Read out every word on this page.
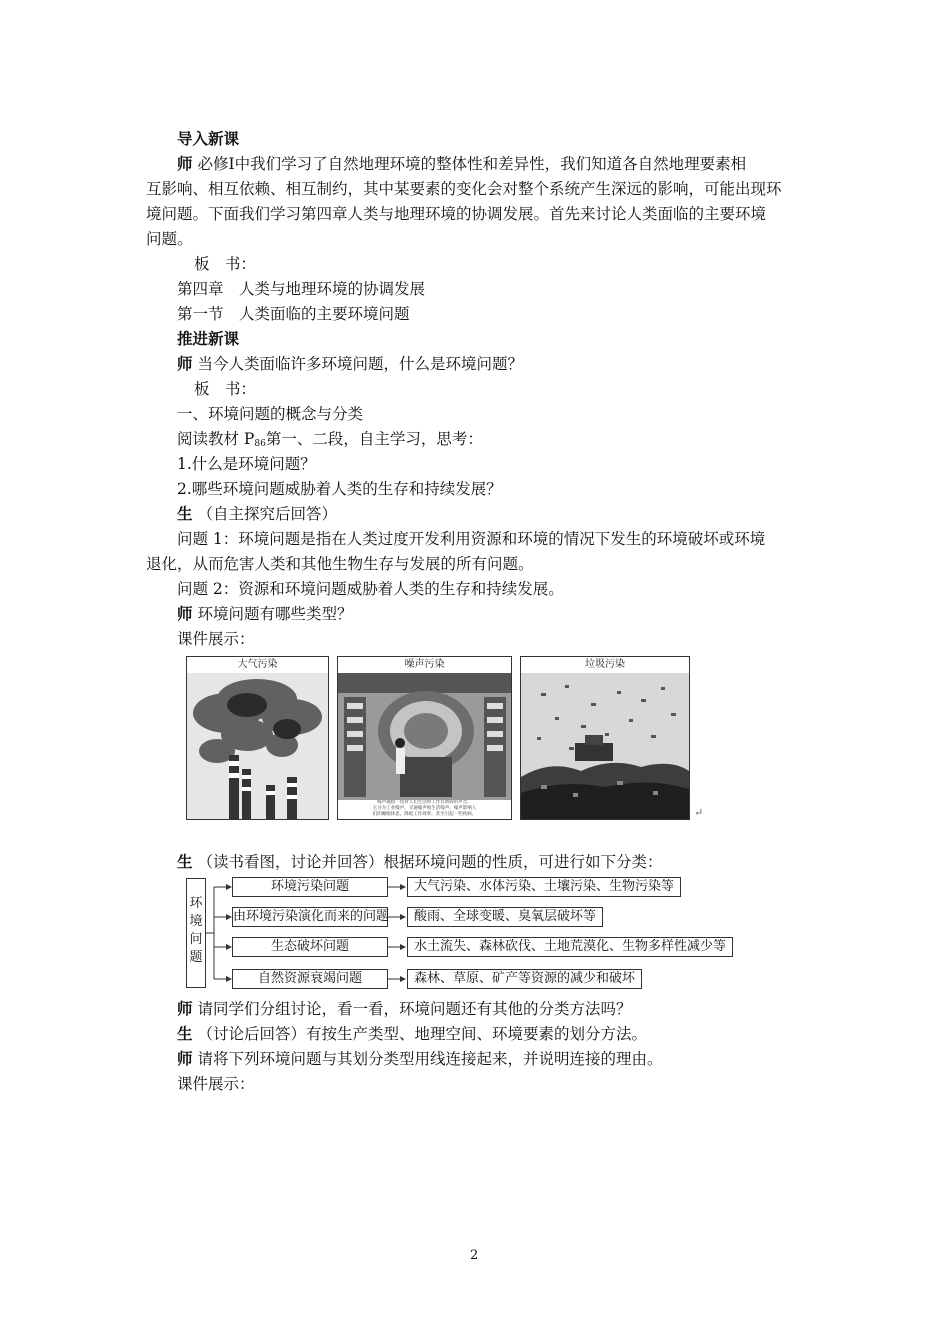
导入新课
师 必修Ⅰ中我们学习了自然地理环境的整体性和差异性，我们知道各自然地理要素相
互影响、相互依赖、相互制约，其中某要素的变化会对整个系统产生深远的影响，可能出现环
境问题。下面我们学习第四章人类与地理环境的协调发展。首先来讨论人类面临的主要环境
问题。
板　书：
第四章　人类与地理环境的协调发展
第一节　人类面临的主要环境问题
推进新课
师 当今人类面临许多环境问题，什么是环境问题？
板　书：
一、环境问题的概念与分类
阅读教材 $P_{86}$第一、二段，自主学习，思考：
1.什么是环境问题？
2.哪些环境问题威胁着人类的生存和持续发展？
生 （自主探究后回答）
问题 1：环境问题是指在人类过度开发利用资源和环境的情况下发生的环境破坏或环境
退化，从而危害人类和其他生物生存与发展的所有问题。
问题 2：资源和环境问题威胁着人类的生存和持续发展。
师 环境问题有哪些类型？
课件展示：
大气污染	噪声污染
噪声通指一切对人们生活和工作有妨碍的声音，
它分为工业噪声、交通噪声和生活噪声，噪声影响人
们的睡眠休息，降低工作效率，甚至引起一些疾病。
垃圾污染
↵
生 （读书看图，讨论并回答）根据环境问题的性质，可进行如下分类：
环
境
问
题
环境污染问题
由环境污染演化而来的问题
生态破坏问题
自然资源衰竭问题
大气污染、水体污染、土壤污染、生物污染等
酸雨、全球变暖、臭氧层破坏等
水土流失、森林砍伐、土地荒漠化、生物多样性减少等
森林、草原、矿产等资源的减少和破坏
师 请同学们分组讨论，看一看，环境问题还有其他的分类方法吗？
生 （讨论后回答）有按生产类型、地理空间、环境要素的划分方法。
师 请将下列环境问题与其划分类型用线连接起来，并说明连接的理由。
课件展示：
2
